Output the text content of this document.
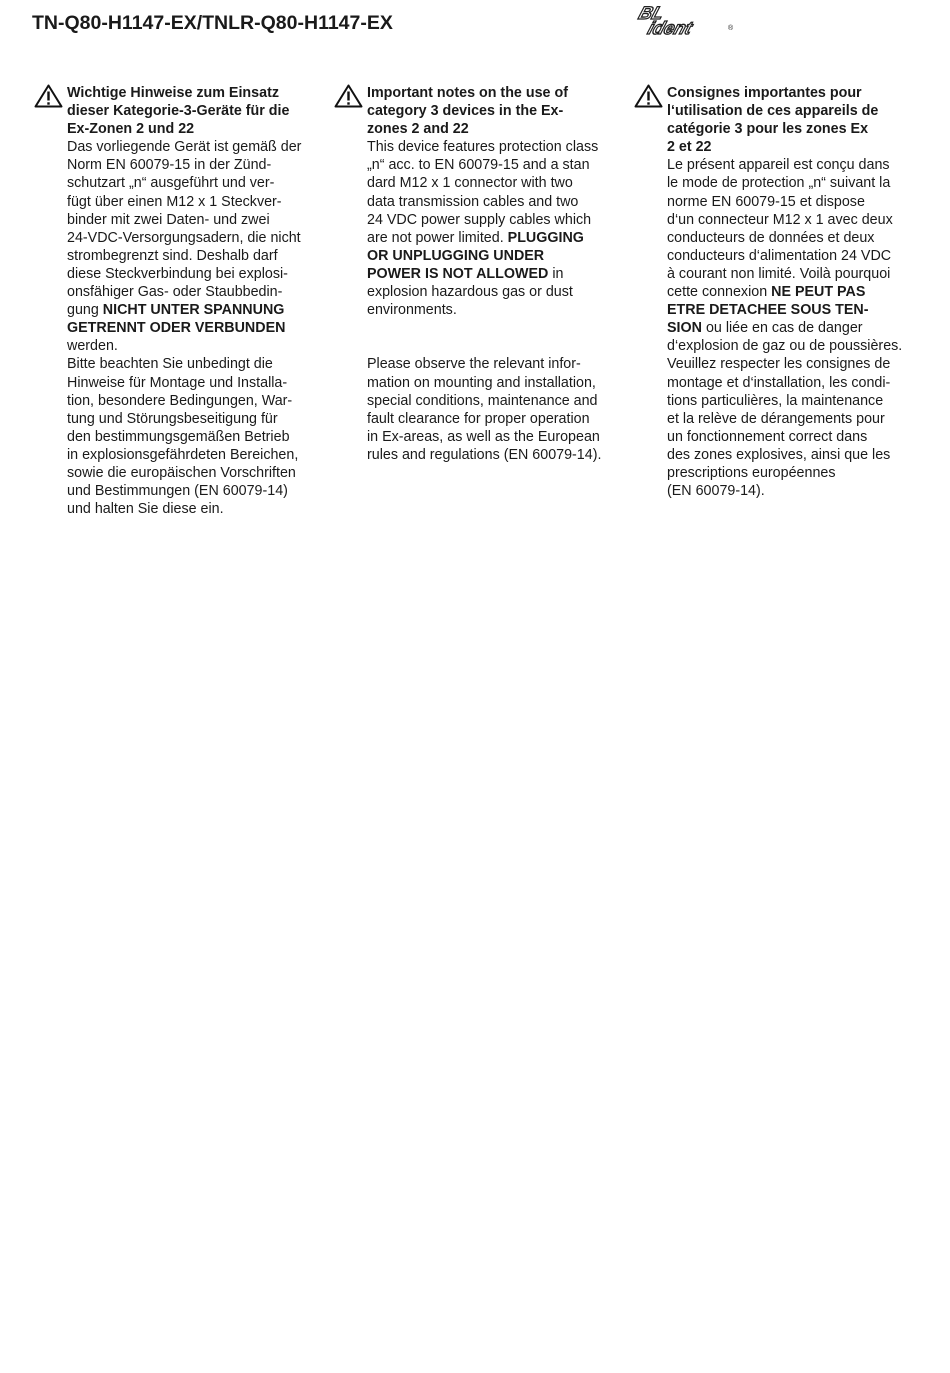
TN-Q80-H1147-EX/TNLR-Q80-H1147-EX	BL
ident	®
Wichtige Hinweise zum Einsatz
dieser Kategorie-3-Geräte für die
Ex-Zonen 2 und 22
Das vorliegende Gerät ist gemäß der
Norm EN 60079-15 in der Zünd-
schutzart „n“ ausgeführt und ver-
fügt über einen M12 x 1 Steckver-
binder mit zwei Daten- und zwei
24-VDC-Versorgungsadern, die nicht
strombegrenzt sind. Deshalb darf
diese Steckverbindung bei explosi-
onsfähiger Gas- oder Staubbedin-
gung NICHT UNTER SPANNUNG
GETRENNT ODER VERBUNDEN
werden.
Bitte beachten Sie unbedingt die
Hinweise für Montage und Installa-
tion, besondere Bedingungen, War-
tung und Störungsbeseitigung für
den bestimmungsgemäßen Betrieb
in explosionsgefährdeten Bereichen,
sowie die europäischen Vorschriften
und Bestimmungen (EN 60079-14)
und halten Sie diese ein.
Important notes on the use of
category 3 devices in the Ex-
zones 2 and 22
This device features protection class
„n“ acc. to EN 60079-15 and a stan
dard M12 x 1 connector with two
data transmission cables and two
24 VDC power supply cables which
are not power limited. PLUGGING
OR UNPLUGGING UNDER
POWER IS NOT ALLOWED in
explosion hazardous gas or dust
environments.
Please observe the relevant infor-
mation on mounting and installation,
special conditions, maintenance and
fault clearance for proper operation
in Ex-areas, as well as the European
rules and regulations (EN 60079-14).
Consignes importantes pour
l‘utilisation de ces appareils de
catégorie 3 pour les zones Ex
2 et 22
Le présent appareil est conçu dans
le mode de protection „n“ suivant la
norme EN 60079-15 et dispose
d‘un connecteur M12 x 1 avec deux
conducteurs de données et deux
conducteurs d‘alimentation 24 VDC
à courant non limité. Voilà pourquoi
cette connexion NE PEUT PAS
ETRE DETACHEE SOUS TEN-
SION ou liée en cas de danger
d‘explosion de gaz ou de poussières.
Veuillez respecter les consignes de
montage et d‘installation, les condi-
tions particulières, la maintenance
et la relève de dérangements pour
un fonctionnement correct dans
des zones explosives, ainsi que les
prescriptions européennes
(EN 60079-14).
